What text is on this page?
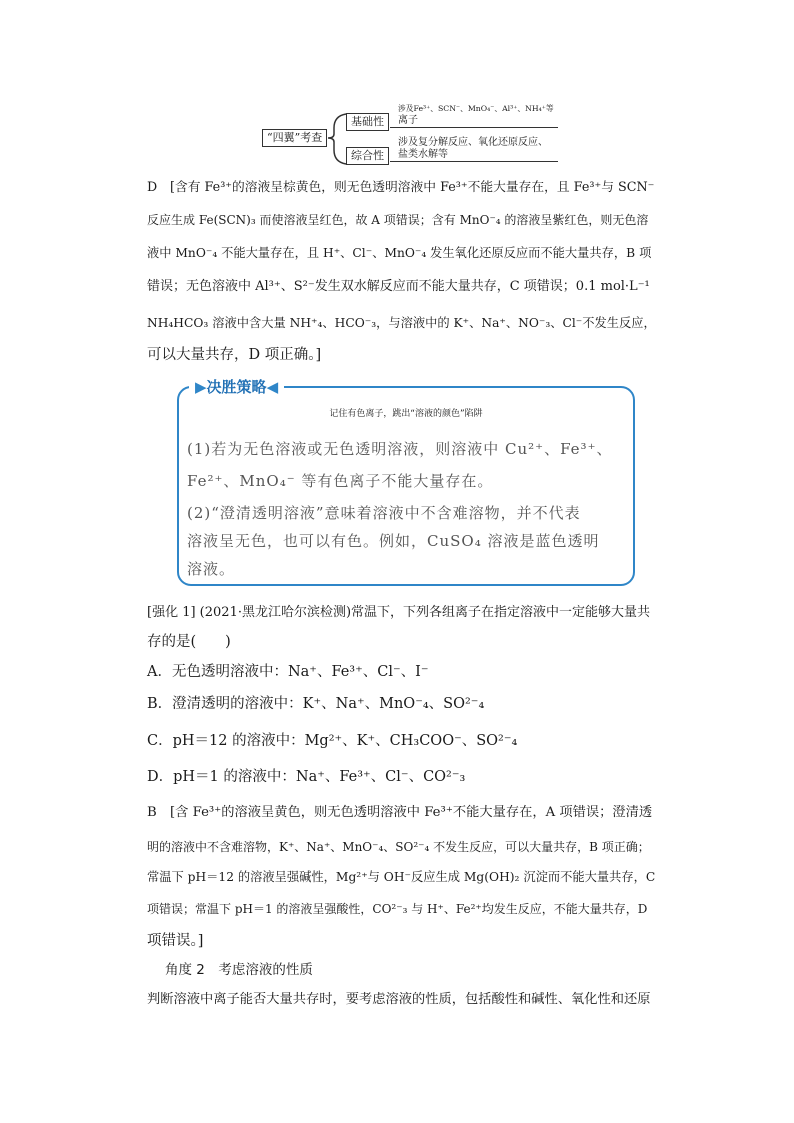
“四翼”考查
基础性
涉及Fe³⁺、SCN⁻、MnO₄⁻、Al³⁺、NH₄⁺等
离子
综合性
涉及复分解反应、氧化还原反应、
盐类水解等
D　[含有 Fe³⁺的溶液呈棕黄色，则无色透明溶液中 Fe³⁺不能大量存在，且 Fe³⁺与 SCN⁻
反应生成 Fe(SCN)₃ 而使溶液呈红色，故 A 项错误；含有 MnO⁻₄ 的溶液呈紫红色，则无色溶
液中 MnO⁻₄ 不能大量存在，且 H⁺、Cl⁻、MnO⁻₄ 发生氧化还原反应而不能大量共存，B 项
错误；无色溶液中 Al³⁺、S²⁻发生双水解反应而不能大量共存，C 项错误；0.1 mol·L⁻¹
NH₄HCO₃ 溶液中含大量 NH⁺₄、HCO⁻₃，与溶液中的 K⁺、Na⁺、NO⁻₃、Cl⁻不发生反应，
可以大量共存，D 项正确。]
▶决胜策略◀
记住有色离子，跳出“溶液的颜色”陷阱
(1)若为无色溶液或无色透明溶液，则溶液中 Cu²⁺、Fe³⁺、
Fe²⁺、MnO₄⁻ 等有色离子不能大量存在。
(2)“澄清透明溶液”意味着溶液中不含难溶物，并不代表
溶液呈无色，也可以有色。例如，CuSO₄ 溶液是蓝色透明
溶液。
[强化 1] (2021·黑龙江哈尔滨检测)常温下，下列各组离子在指定溶液中一定能够大量共
存的是(　　)
A．无色透明溶液中：Na⁺、Fe³⁺、Cl⁻、I⁻
B．澄清透明的溶液中：K⁺、Na⁺、MnO⁻₄、SO²⁻₄
C．pH＝12 的溶液中：Mg²⁺、K⁺、CH₃COO⁻、SO²⁻₄
D．pH＝1 的溶液中：Na⁺、Fe³⁺、Cl⁻、CO²⁻₃
B　[含 Fe³⁺的溶液呈黄色，则无色透明溶液中 Fe³⁺不能大量存在，A 项错误；澄清透
明的溶液中不含难溶物，K⁺、Na⁺、MnO⁻₄、SO²⁻₄ 不发生反应，可以大量共存，B 项正确；
常温下 pH＝12 的溶液呈强碱性，Mg²⁺与 OH⁻反应生成 Mg(OH)₂ 沉淀而不能大量共存，C
项错误；常温下 pH＝1 的溶液呈强酸性，CO²⁻₃ 与 H⁺、Fe²⁺均发生反应，不能大量共存，D
项错误。]
角度 2　考虑溶液的性质
判断溶液中离子能否大量共存时，要考虑溶液的性质，包括酸性和碱性、氧化性和还原
